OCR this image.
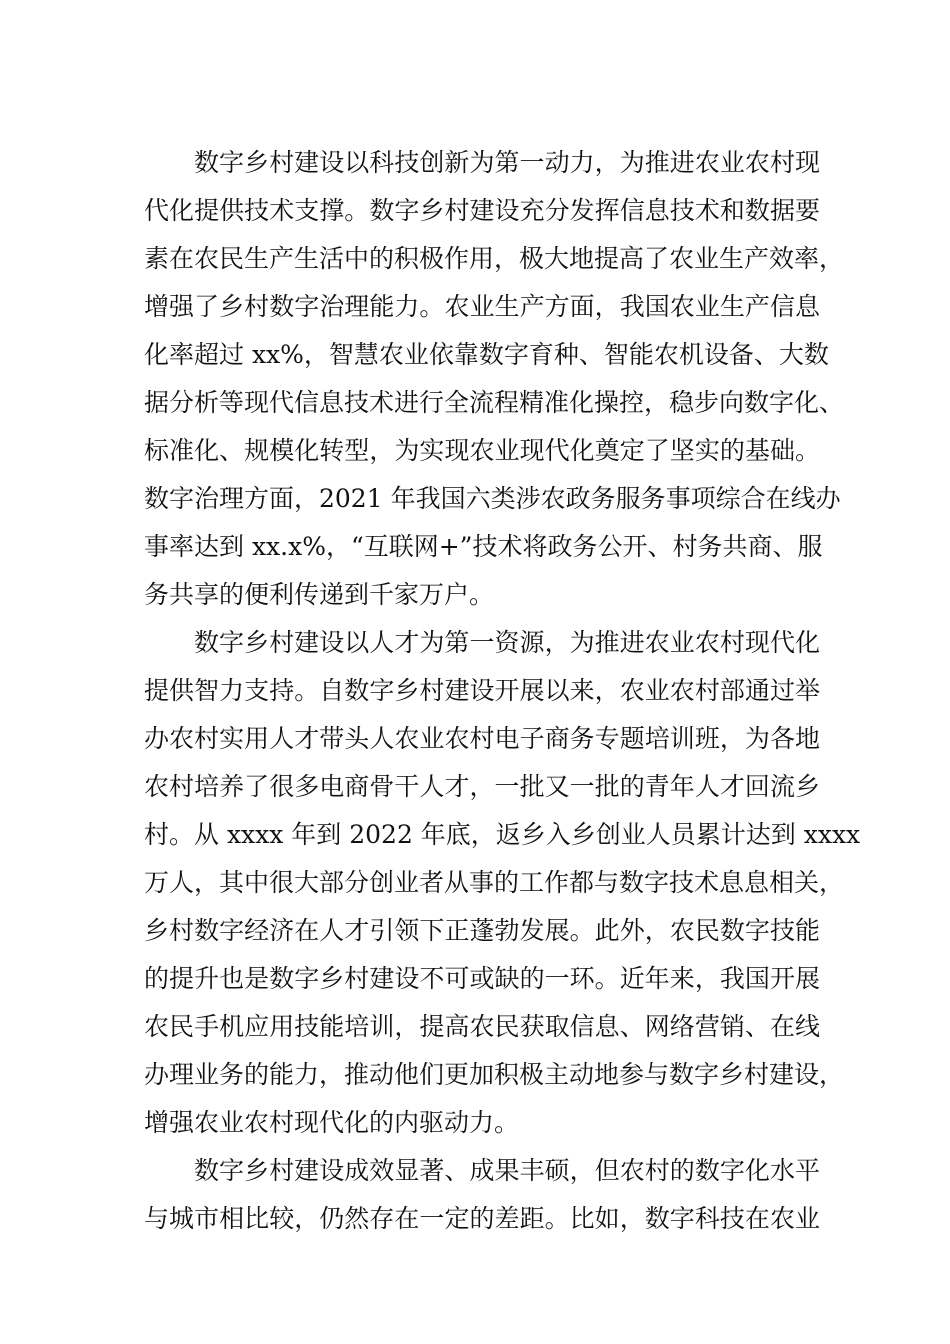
数字乡村建设以科技创新为第一动力，为推进农业农村现
代化提供技术支撑。数字乡村建设充分发挥信息技术和数据要
素在农民生产生活中的积极作用，极大地提高了农业生产效率，
增强了乡村数字治理能力。农业生产方面，我国农业生产信息
化率超过 xx%，智慧农业依靠数字育种、智能农机设备、大数
据分析等现代信息技术进行全流程精准化操控，稳步向数字化、
标准化、规模化转型，为实现农业现代化奠定了坚实的基础。
数字治理方面，2021 年我国六类涉农政务服务事项综合在线办
事率达到 xx.x%，“互联网+”技术将政务公开、村务共商、服
务共享的便利传递到千家万户。
数字乡村建设以人才为第一资源，为推进农业农村现代化
提供智力支持。自数字乡村建设开展以来，农业农村部通过举
办农村实用人才带头人农业农村电子商务专题培训班，为各地
农村培养了很多电商骨干人才，一批又一批的青年人才回流乡
村。从 xxxx 年到 2022 年底，返乡入乡创业人员累计达到 xxxx
万人，其中很大部分创业者从事的工作都与数字技术息息相关，
乡村数字经济在人才引领下正蓬勃发展。此外，农民数字技能
的提升也是数字乡村建设不可或缺的一环。近年来，我国开展
农民手机应用技能培训，提高农民获取信息、网络营销、在线
办理业务的能力，推动他们更加积极主动地参与数字乡村建设，
增强农业农村现代化的内驱动力。
数字乡村建设成效显著、成果丰硕，但农村的数字化水平
与城市相比较，仍然存在一定的差距。比如，数字科技在农业
